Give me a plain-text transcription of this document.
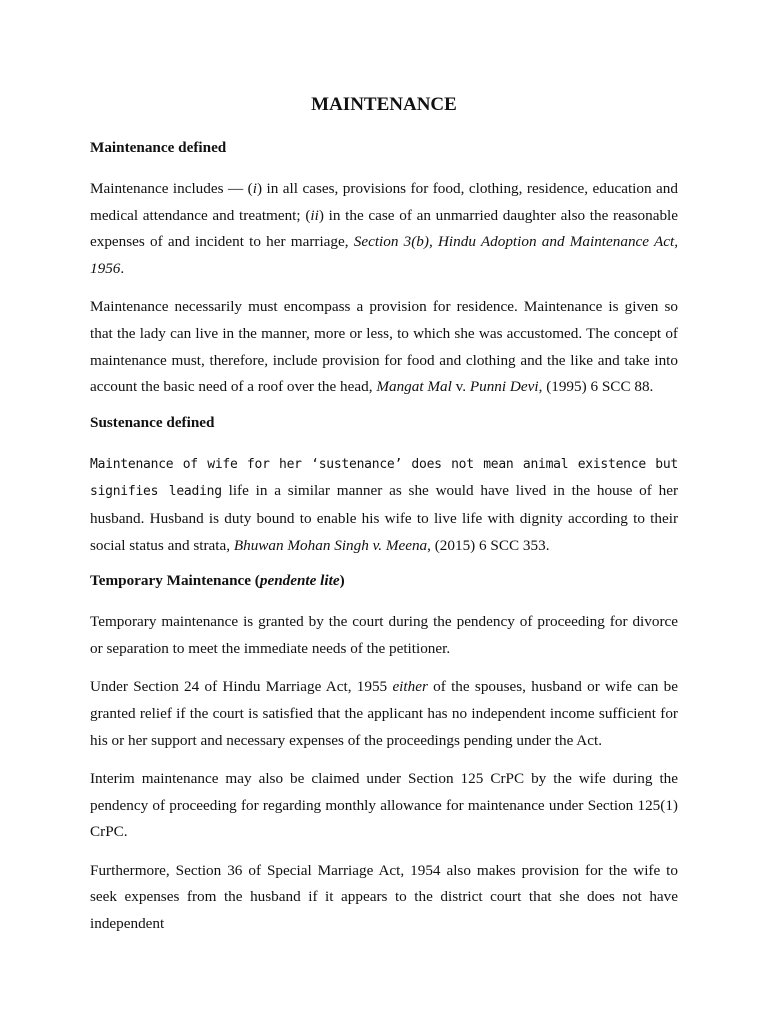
MAINTENANCE
Maintenance defined

Maintenance includes — (i) in all cases, provisions for food, clothing, residence, education and medical attendance and treatment; (ii) in the case of an unmarried daughter also the reasonable expenses of and incident to her marriage, Section 3(b), Hindu Adoption and Maintenance Act, 1956.

Maintenance necessarily must encompass a provision for residence. Maintenance is given so that the lady can live in the manner, more or less, to which she was accustomed. The concept of maintenance must, therefore, include provision for food and clothing and the like and take into account the basic need of a roof over the head, Mangat Mal v. Punni Devi, (1995) 6 SCC 88.

Sustenance defined

Maintenance of wife for her ‘sustenance’ does not mean animal existence but signifies leading life in a similar manner as she would have lived in the house of her husband. Husband is duty bound to enable his wife to live life with dignity according to their social status and strata, Bhuwan Mohan Singh v. Meena, (2015) 6 SCC 353.

Temporary Maintenance (pendente lite)

Temporary maintenance is granted by the court during the pendency of proceeding for divorce or separation to meet the immediate needs of the petitioner.

Under Section 24 of Hindu Marriage Act, 1955 either of the spouses, husband or wife can be granted relief if the court is satisfied that the applicant has no independent income sufficient for his or her support and necessary expenses of the proceedings pending under the Act.

Interim maintenance may also be claimed under Section 125 CrPC by the wife during the pendency of proceeding for regarding monthly allowance for maintenance under Section 125(1) CrPC.

Furthermore, Section 36 of Special Marriage Act, 1954 also makes provision for the wife to seek expenses from the husband if it appears to the district court that she does not have independent
